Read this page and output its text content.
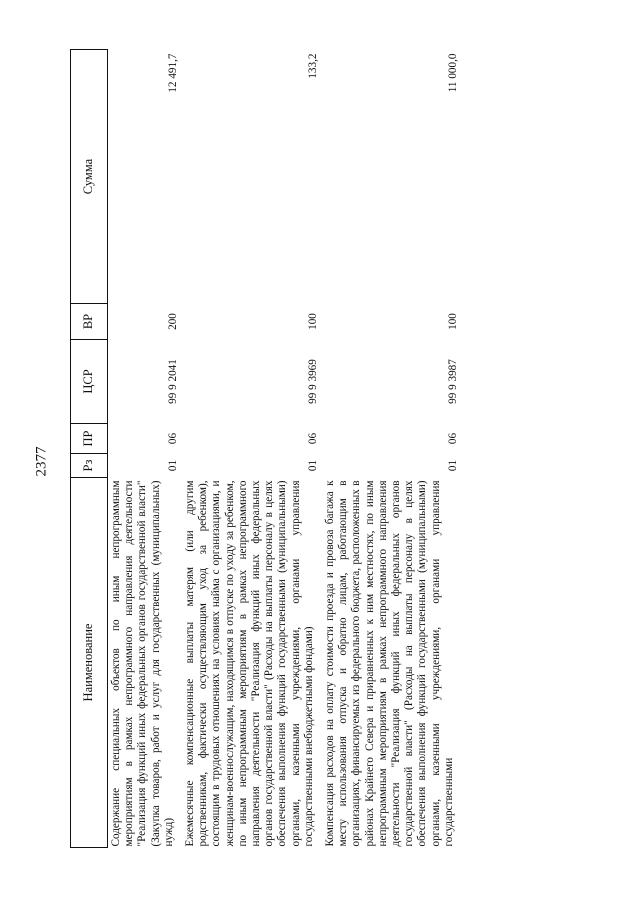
2377
Наименование	Рз	ПР	ЦСР	ВР	Сумма
Содержание специальных объектов по иным непрограммным мероприятиям в рамках непрограммного направления деятельности "Реализация функций иных федеральных органов государственной власти" (Закупка товаров, работ и услуг для государственных (муниципальных) нужд)	01	06	99 9 2041	200	12 491,7
Ежемесячные компенсационные выплаты матерям (или другим родственникам, фактически осуществляющим уход за ребенком), состоящим в трудовых отношениях на условиях найма с организациями, и женщинам-военнослужащим, находящимся в отпуске по уходу за ребенком, по иным непрограммным мероприятиям в рамках непрограммного направления деятельности "Реализация функций иных федеральных органов государственной власти" (Расходы на выплаты персоналу в целях обеспечения выполнения функций государственными (муниципальными) органами, казенными учреждениями, органами управления государственными внебюджетными фондами)	01	06	99 9 3969	100	133,2
Компенсация расходов на оплату стоимости проезда и провоза багажа к месту использования отпуска и обратно лицам, работающим в организациях, финансируемых из федерального бюджета, расположенных в районах Крайнего Севера и приравненных к ним местностях, по иным непрограммным мероприятиям в рамках непрограммного направления деятельности "Реализация функций иных федеральных органов государственной власти" (Расходы на выплаты персоналу в целях обеспечения выполнения функций государственными (муниципальными) органами, казенными учреждениями, органами управления государственными	01	06	99 9 3987	100	11 000,0
